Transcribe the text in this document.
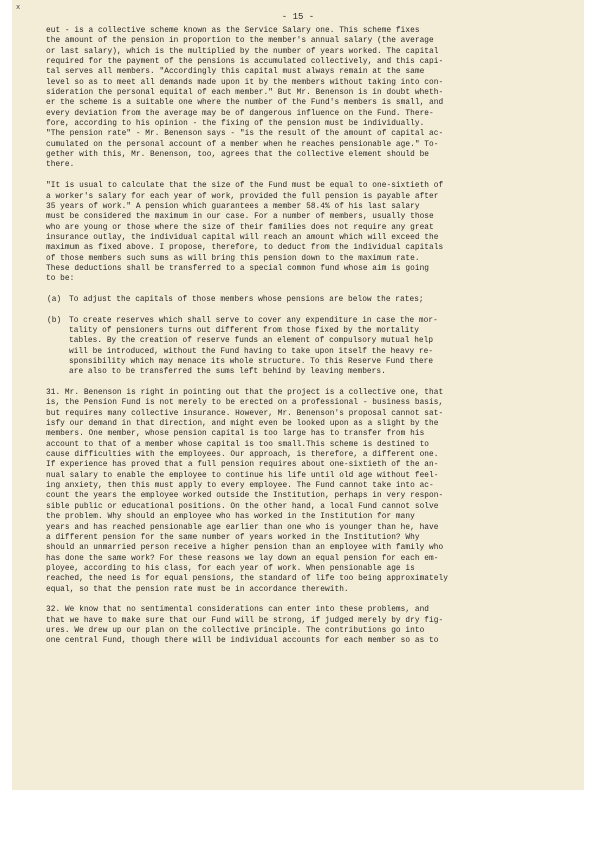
x
- 15 -
eut - is a collective scheme known as the Service Salary one. This scheme fixes
the amount of the pension in proportion to the member's annual salary (the average
or last salary), which is the multiplied by the number of years worked. The capital
required for the payment of the pensions is accumulated collectively, and this capi-
tal serves all members. "Accordingly this capital must always remain at the same
level so as to meet all demands made upon it by the members without taking into con-
sideration the personal equital of each member." But Mr. Benenson is in doubt wheth-
er the scheme is a suitable one where the number of the Fund's members is small, and
every deviation from the average may be of dangerous influence on the Fund. There-
fore, according to his opinion - the fixing of the pension must be individually.
"The pension rate" - Mr. Benenson says - "is the result of the amount of capital ac-
cumulated on the personal account of a member when he reaches pensionable age." To-
gether with this, Mr. Benenson, too, agrees that the collective element should be
there.
"It is usual to calculate that the size of the Fund must be equal to one-sixtieth of
a worker's salary for each year of work, provided the full pension is payable after
35 years of work." A pension which guarantees a member 58.4% of his last salary
must be considered the maximum in our case. For a number of members, usually those
who are young or those where the size of their families does not require any great
insurance outlay, the individual capital will reach an amount which will exceed the
maximum as fixed above. I propose, therefore, to deduct from the individual capitals
of those members such sums as will bring this pension down to the maximum rate.
These deductions shall be transferred to a special common fund whose aim is going
to be:
(a)	To adjust the capitals of those members whose pensions are below the rates;
(b)	To create reserves which shall serve to cover any expenditure in case the mor-
tality of pensioners turns out different from those fixed by the mortality
tables. By the creation of reserve funds an element of compulsory mutual help
will be introduced, without the Fund having to take upon itself the heavy re-
sponsibility which may menace its whole structure. To this Reserve Fund there
are also to be transferred the sums left behind by leaving members.
31. Mr. Benenson is right in pointing out that the project is a collective one, that
is, the Pension Fund is not merely to be erected on a professional - business basis,
but requires many collective insurance. However, Mr. Benenson's proposal cannot sat-
isfy our demand in that direction, and might even be looked upon as a slight by the
members. One member, whose pension capital is too large has to transfer from his
account to that of a member whose capital is too small.This scheme is destined to
cause difficulties with the employees. Our approach, is therefore, a different one.
If experience has proved that a full pension requires about one-sixtieth of the an-
nual salary to enable the employee to continue his life until old age without feel-
ing anxiety, then this must apply to every employee. The Fund cannot take into ac-
count the years the employee worked outside the Institution, perhaps in very respon-
sible public or educational positions. On the other hand, a local Fund cannot solve
the problem. Why should an employee who has worked in the Institution for many
years and has reached pensionable age earlier than one who is younger than he, have
a different pension for the same number of years worked in the Institution? Why
should an unmarried person receive a higher pension than an employee with family who
has done the same work? For these reasons we lay down an equal pension for each em-
ployee, according to his class, for each year of work. When pensionable age is
reached, the need is for equal pensions, the standard of life too being approximately
equal, so that the pension rate must be in accordance therewith.
32. We know that no sentimental considerations can enter into these problems, and
that we have to make sure that our Fund will be strong, if judged merely by dry fig-
ures. We drew up our plan on the collective principle. The contributions go into
one central Fund, though there will be individual accounts for each member so as to
